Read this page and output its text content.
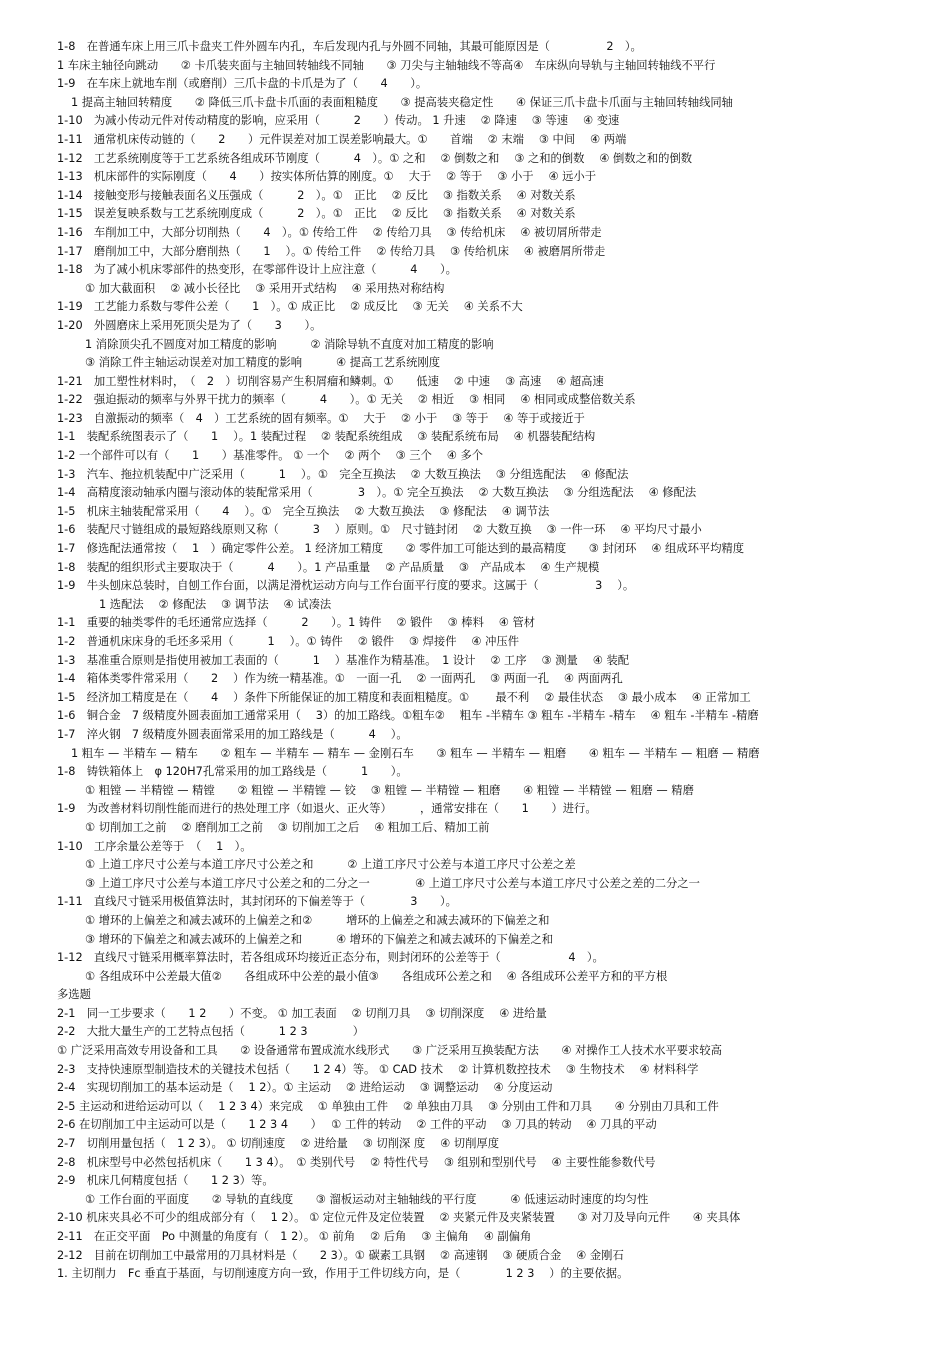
1-8　在普通车床上用三爪卡盘夹工件外圆车内孔，车后发现内孔与外圆不同轴，其最可能原因是（　　　　　2　）。
1 车床主轴径向跳动　　② 卡爪装夹面与主轴回转轴线不同轴　　③ 刀尖与主轴轴线不等高④　车床纵向导轨与主轴回转轴线不平行
1-9　在车床上就地车削（或磨削）三爪卡盘的卡爪是为了（　　4　　）。
1 提高主轴回转精度　　② 降低三爪卡盘卡爪面的表面粗糙度　　③ 提高装夹稳定性　　④ 保证三爪卡盘卡爪面与主轴回转轴线同轴
1-10　为减小传动元件对传动精度的影响，应采用（　　　2　　）传动。 1 升速　 ② 降速　 ③ 等速　 ④ 变速
1-11　通常机床传动链的（　　2　　）元件误差对加工误差影响最大。①　　首端　 ② 末端　 ③ 中间　 ④ 两端
1-12　工艺系统刚度等于工艺系统各组成环节刚度（　　　4　）。① 之和　 ② 倒数之和　 ③ 之和的倒数　 ④ 倒数之和的倒数
1-13　机床部件的实际刚度（　　4　　）按实体所估算的刚度。①　 大于　 ② 等于　 ③ 小于　 ④ 远小于
1-14　接触变形与接触表面名义压强成（　　　2　）。①　正比　 ② 反比　 ③ 指数关系　 ④ 对数关系
1-15　误差复映系数与工艺系统刚度成（　　　2　）。①　正比　 ② 反比　 ③ 指数关系　 ④ 对数关系
1-16　车削加工中，大部分切削热（　　4　）。① 传给工件　 ② 传给刀具　 ③ 传给机床　 ④ 被切屑所带走
1-17　磨削加工中，大部分磨削热（　　1　 ）。① 传给工件　 ② 传给刀具　 ③ 传给机床　 ④ 被磨屑所带走
1-18　为了减小机床零部件的热变形，在零部件设计上应注意（　　　4　　）。
① 加大截面积　 ② 减小长径比　 ③ 采用开式结构　 ④ 采用热对称结构
1-19　工艺能力系数与零件公差（　　1　）。① 成正比　 ② 成反比　 ③ 无关　 ④ 关系不大
1-20　外圆磨床上采用死顶尖是为了（　　3　　）。
1 消除顶尖孔不圆度对加工精度的影响　　　② 消除导轨不直度对加工精度的影响
③ 消除工件主轴运动误差对加工精度的影响　　　④ 提高工艺系统刚度
1-21　加工塑性材料时，　（　2　）切削容易产生积屑瘤和鳞刺。①　　低速　 ② 中速　 ③ 高速　 ④ 超高速
1-22　强迫振动的频率与外界干扰力的频率（　　　4　　）。① 无关　 ② 相近　 ③ 相同　 ④ 相同或成整倍数关系
1-23　自激振动的频率（　4　）工艺系统的固有频率。①　 大于　 ② 小于　 ③ 等于　 ④ 等于或接近于
1-1　装配系统图表示了（　　1　 ）。1 装配过程　 ② 装配系统组成　 ③ 装配系统布局　 ④ 机器装配结构
1-2 一个部件可以有（　　1　　）基准零件。 ① 一个　 ② 两个　 ③ 三个　 ④ 多个
1-3　汽车、拖拉机装配中广泛采用（　　　1　 ）。①　完全互换法　 ② 大数互换法　 ③ 分组选配法　 ④ 修配法
1-4　高精度滚动轴承内圈与滚动体的装配常采用（　　　　3　）。① 完全互换法　 ② 大数互换法　 ③ 分组选配法　 ④ 修配法
1-5　机床主轴装配常采用（　　4　 ）。①　完全互换法　 ② 大数互换法　 ③ 修配法　 ④ 调节法
1-6　装配尺寸链组成的最短路线原则又称（　　　3　 ）原则。①　尺寸链封闭　 ② 大数互换　 ③ 一件一环　 ④ 平均尺寸最小
1-7　修选配法通常按（　 1　）确定零件公差。 1 经济加工精度　　② 零件加工可能达到的最高精度　　③ 封闭环　 ④ 组成环平均精度
1-8　装配的组织形式主要取决于（　　　4　　）。1 产品重量　 ② 产品质量　 ③　产品成本　 ④ 生产规模
1-9　牛头刨床总装时，自刨工作台面，以满足滑枕运动方向与工作台面平行度的要求。这属于（　　　　　3　 ）。
1 选配法　 ② 修配法　 ③ 调节法　 ④ 试凑法
1-1　重要的轴类零件的毛坯通常应选择（　　　2　　）。1 铸件　 ② 锻件　 ③ 棒料　 ④ 管材
1-2　普通机床床身的毛坯多采用（　　　1　 ）。① 铸件　 ② 锻件　 ③ 焊接件　 ④ 冲压件
1-3　基准重合原则是指使用被加工表面的（　　　1　 ）基准作为精基准。　1 设计　 ② 工序　 ③ 测量　 ④ 装配
1-4　箱体类零件常采用（　　2　 ）作为统一精基准。①　一面一孔　 ② 一面两孔　 ③ 两面一孔　 ④ 两面两孔
1-5　经济加工精度是在（　　4　 ）条件下所能保证的加工精度和表面粗糙度。①　　 最不利　 ② 最佳状态　 ③ 最小成本　 ④ 正常加工
1-6　铜合金　7 级精度外圆表面加工通常采用（　 3）的加工路线。①粗车②　 粗车 -半精车 ③ 粗车 -半精车 -精车　 ④ 粗车 -半精车 -精磨
1-7　淬火钢　7 级精度外圆表面常采用的加工路线是（　　　4　 ）。
1 粗车 — 半精车 — 精车　　② 粗车 — 半精车 — 精车 — 金刚石车　　③ 粗车 — 半精车 — 粗磨　　④ 粗车 — 半精车 — 粗磨 — 精磨
1-8　铸铁箱体上　φ 120H7孔常采用的加工路线是（　　　1　　）。
① 粗镗 — 半精镗 — 精镗　　② 粗镗 — 半精镗 — 铰　 ③ 粗镗 — 半精镗 — 粗磨　　④ 粗镗 — 半精镗 — 粗磨 — 精磨
1-9　为改善材料切削性能而进行的热处理工序（如退火、正火等）　　　，通常安排在（　　1　　）进行。
① 切削加工之前　 ② 磨削加工之前　 ③ 切削加工之后　 ④ 粗加工后、精加工前
1-10　工序余量公差等于　（　 1　）。
① 上道工序尺寸公差与本道工序尺寸公差之和　　　② 上道工序尺寸公差与本道工序尺寸公差之差
③ 上道工序尺寸公差与本道工序尺寸公差之和的二分之一　　　　④ 上道工序尺寸公差与本道工序尺寸公差之差的二分之一
1-11　直线尺寸链采用极值算法时，其封闭环的下偏差等于（　　　　3　　）。
① 增环的上偏差之和减去减环的上偏差之和②　　　增环的上偏差之和减去减环的下偏差之和
③ 增环的下偏差之和减去减环的上偏差之和　　　④ 增环的下偏差之和减去减环的下偏差之和
1-12　直线尺寸链采用概率算法时，若各组成环均接近正态分布，则封闭环的公差等于（　　　　　　4　）。
① 各组成环中公差最大值②　　各组成环中公差的最小值③　　各组成环公差之和　 ④ 各组成环公差平方和的平方根
多选题
2-1　同一工步要求（　　1 2　　）不变。 ① 加工表面　 ② 切削刀具　 ③ 切削深度　 ④ 进给量
2-2　大批大量生产的工艺特点包括（　　　1 2 3　　　　）
① 广泛采用高效专用设备和工具　　② 设备通常布置成流水线形式　　③ 广泛采用互换装配方法　　④ 对操作工人技术水平要求较高
2-3　支持快速原型制造技术的关键技术包括（　　1 2 4）等。 ① CAD 技术　 ② 计算机数控技术　 ③ 生物技术　 ④ 材料科学
2-4　实现切削加工的基本运动是（　 1 2）。① 主运动　 ② 进给运动　 ③ 调整运动　 ④ 分度运动
2-5 主运动和进给运动可以（　 1 2 3 4）来完成　 ① 单独由工件　 ② 单独由刀具　 ③ 分别由工件和刀具　　④ 分别由刀具和工件
2-6 在切削加工中主运动可以是（　　1 2 3 4　　）　 ① 工件的转动　 ② 工件的平动　 ③ 刀具的转动　 ④ 刀具的平动
2-7　切削用量包括（　1 2 3）。 ① 切削速度　 ② 进给量　 ③ 切削深 度　 ④ 切削厚度
2-8　机床型号中必然包括机床（　　1 3 4）。　① 类别代号　 ② 特性代号　 ③ 组别和型别代号　 ④ 主要性能参数代号
2-9　机床几何精度包括（　　1 2 3）等。
① 工作台面的平面度　　② 导轨的直线度　　③ 溜板运动对主轴轴线的平行度　　　④ 低速运动时速度的均匀性
2-10 机床夹具必不可少的组成部分有（　 1 2）。 ① 定位元件及定位装置　 ② 夹紧元件及夹紧装置　　③ 对刀及导向元件　　④ 夹具体
2-11　在正交平面　Po 中测量的角度有（　1 2）。 ① 前角　 ② 后角　 ③ 主偏角　 ④ 副偏角
2-12　目前在切削加工中最常用的刀具材料是（　　2 3）。① 碳素工具钢　 ② 高速钢　 ③ 硬质合金　 ④ 金刚石
1. 主切削力　Fc 垂直于基面，与切削速度方向一致，作用于工件切线方向，是（　　　　1 2 3　 ）的主要依据。
